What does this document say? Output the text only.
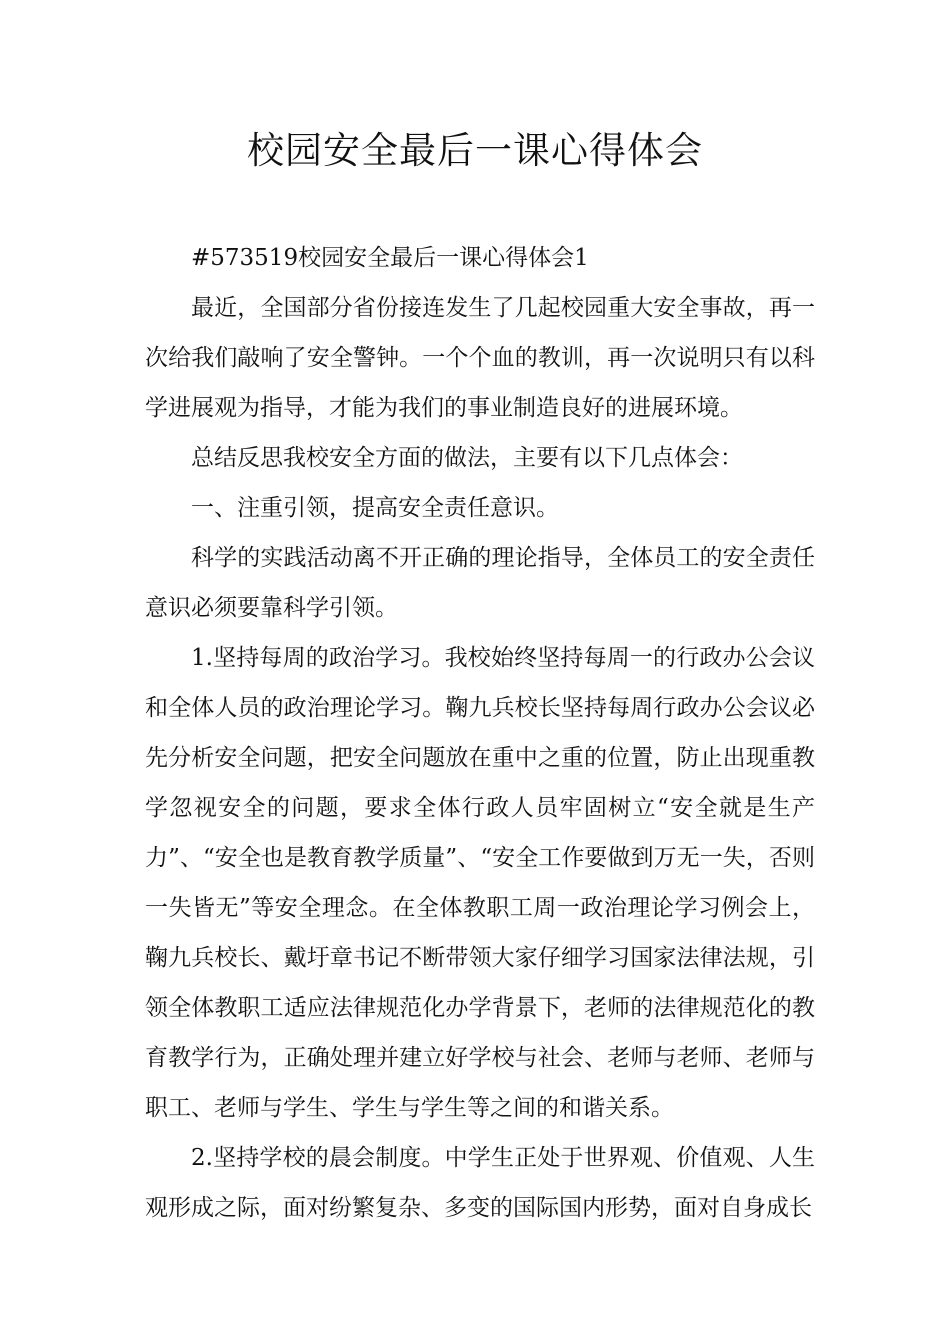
校园安全最后一课心得体会

#573519校园安全最后一课心得体会1

最近，全国部分省份接连发生了几起校园重大安全事故，再一次给我们敲响了安全警钟。一个个血的教训，再一次说明只有以科学进展观为指导，才能为我们的事业制造良好的进展环境。

总结反思我校安全方面的做法，主要有以下几点体会：

一、注重引领，提高安全责任意识。

科学的实践活动离不开正确的理论指导，全体员工的安全责任意识必须要靠科学引领。

1.坚持每周的政治学习。我校始终坚持每周一的行政办公会议和全体人员的政治理论学习。鞠九兵校长坚持每周行政办公会议必先分析安全问题，把安全问题放在重中之重的位置，防止出现重教学忽视安全的问题，要求全体行政人员牢固树立“安全就是生产力”、“安全也是教育教学质量”、“安全工作要做到万无一失，否则一失皆无”等安全理念。在全体教职工周一政治理论学习例会上，鞠九兵校长、戴圩章书记不断带领大家仔细学习国家法律法规，引领全体教职工适应法律规范化办学背景下，老师的法律规范化的教育教学行为，正确处理并建立好学校与社会、老师与老师、老师与职工、老师与学生、学生与学生等之间的和谐关系。

2.坚持学校的晨会制度。中学生正处于世界观、价值观、人生观形成之际，面对纷繁复杂、多变的国际国内形势，面对自身成长
